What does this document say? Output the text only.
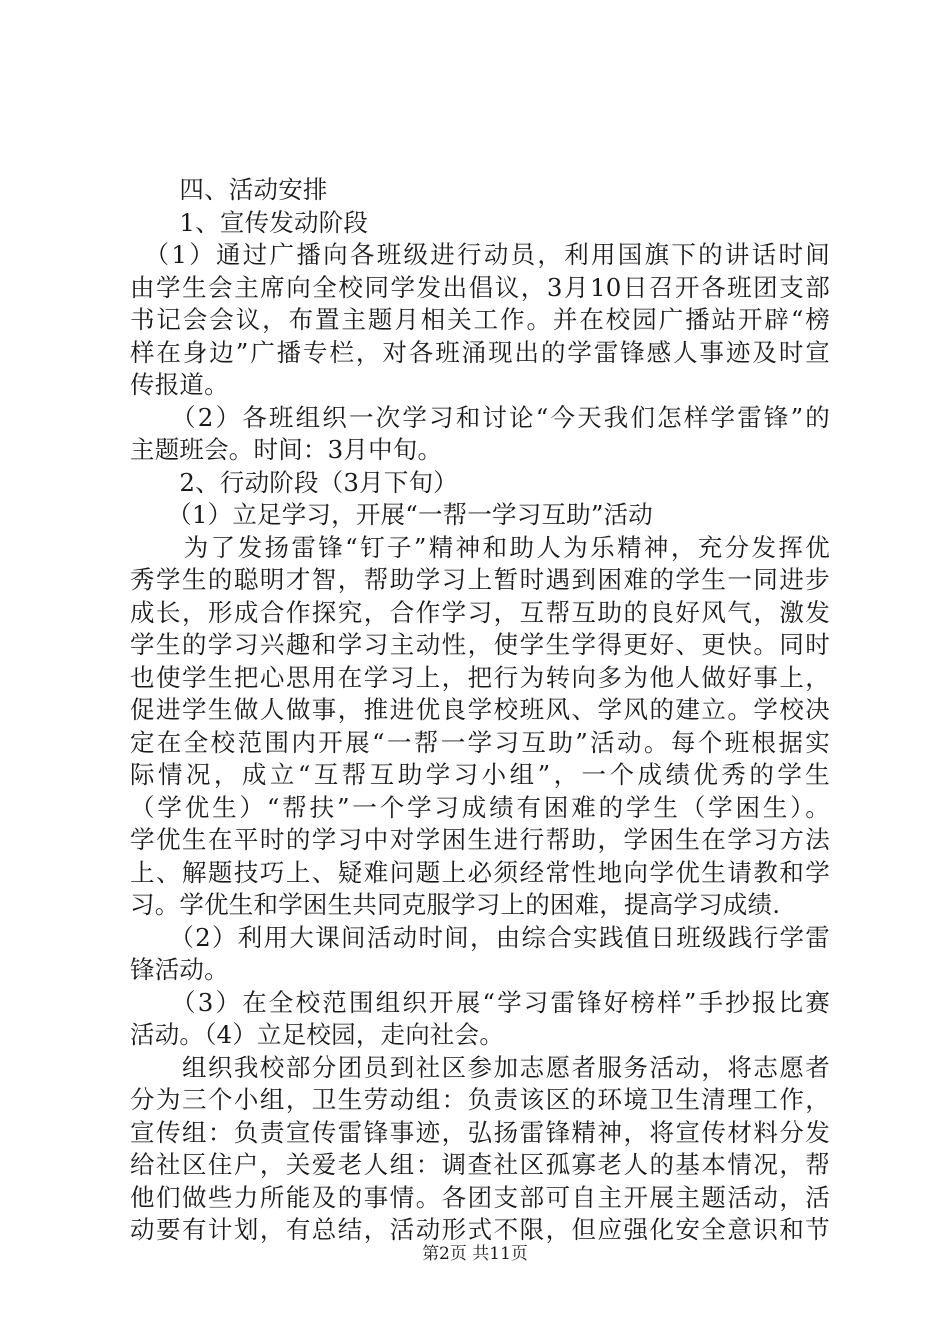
　　四、活动安排
　　1、宣传发动阶段
　（1）通过广播向各班级进行动员，利用国旗下的讲话时间
由学生会主席向全校同学发出倡议，3月10日召开各班团支部
书记会会议，布置主题月相关工作。并在校园广播站开辟“榜
样在身边”广播专栏，对各班涌现出的学雷锋感人事迹及时宣
传报道。
　　（2）各班组织一次学习和讨论“今天我们怎样学雷锋”的
主题班会。时间：3月中旬。
　　2、行动阶段（3月下旬）
　　（1）立足学习，开展“一帮一学习互助”活动
　　为了发扬雷锋“钉子”精神和助人为乐精神，充分发挥优
秀学生的聪明才智，帮助学习上暂时遇到困难的学生一同进步
成长，形成合作探究，合作学习，互帮互助的良好风气，激发
学生的学习兴趣和学习主动性，使学生学得更好、更快。同时
也使学生把心思用在学习上，把行为转向多为他人做好事上，
促进学生做人做事，推进优良学校班风、学风的建立。学校决
定在全校范围内开展“一帮一学习互助”活动。每个班根据实
际情况，成立“互帮互助学习小组”，一个成绩优秀的学生
（学优生）“帮扶”一个学习成绩有困难的学生（学困生）。
学优生在平时的学习中对学困生进行帮助，学困生在学习方法
上、解题技巧上、疑难问题上必须经常性地向学优生请教和学
习。学优生和学困生共同克服学习上的困难，提高学习成绩.
　　（2）利用大课间活动时间，由综合实践值日班级践行学雷
锋活动。
　　（3）在全校范围组织开展“学习雷锋好榜样”手抄报比赛
活动。（4）立足校园，走向社会。
　　组织我校部分团员到社区参加志愿者服务活动，将志愿者
分为三个小组，卫生劳动组：负责该区的环境卫生清理工作，
宣传组：负责宣传雷锋事迹，弘扬雷锋精神，将宣传材料分发
给社区住户，关爱老人组：调查社区孤寡老人的基本情况，帮
他们做些力所能及的事情。各团支部可自主开展主题活动，活
动要有计划，有总结，活动形式不限，但应强化安全意识和节
第2页 共11页
